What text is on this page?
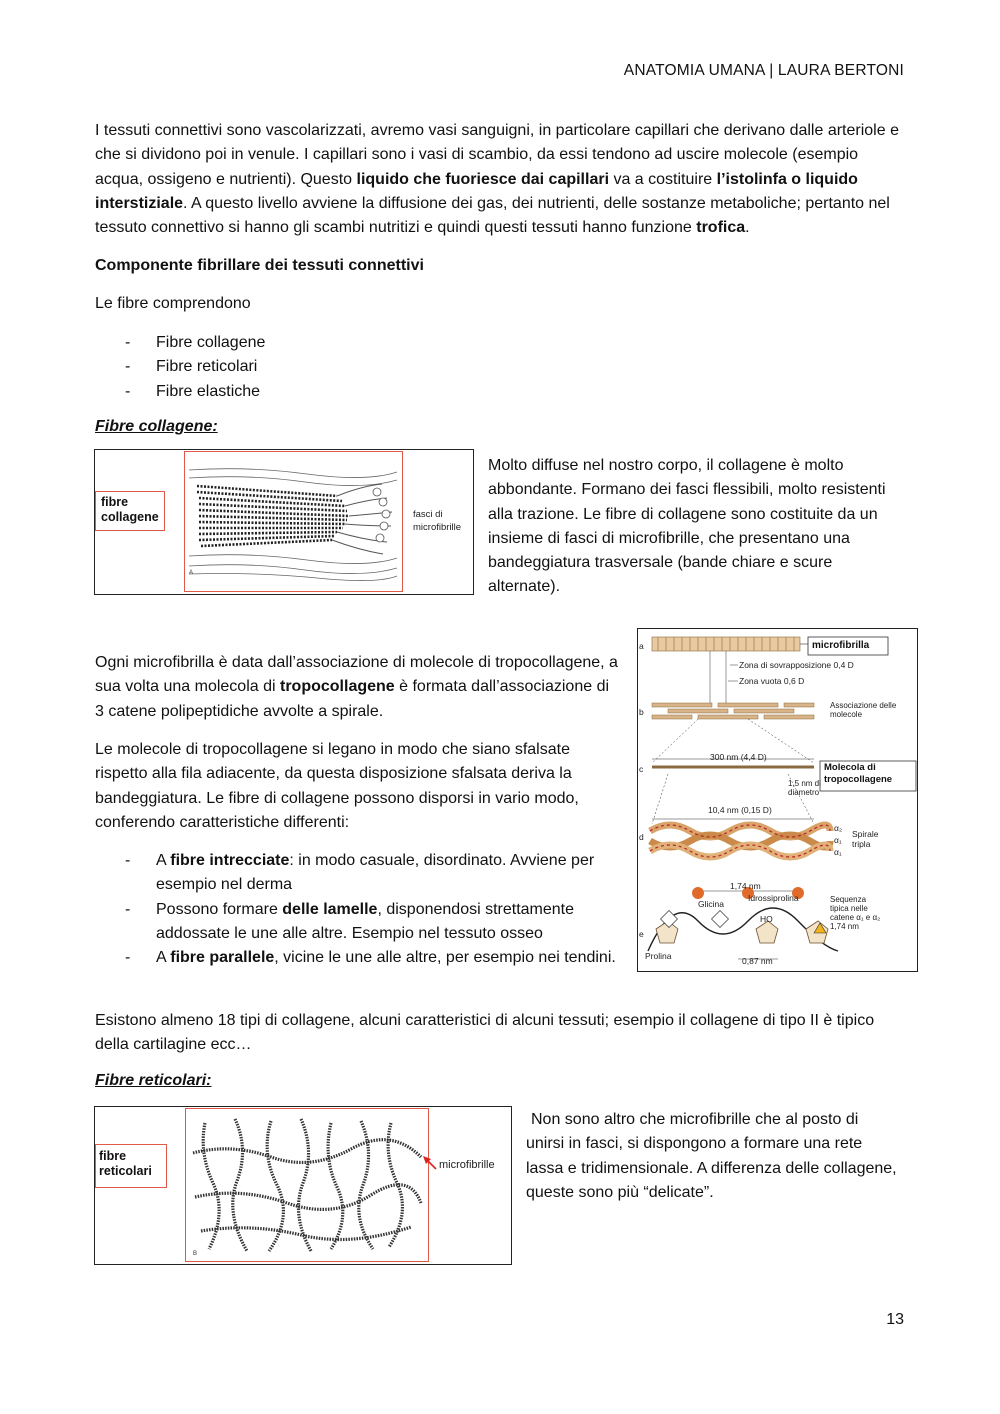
ANATOMIA UMANA | LAURA BERTONI

I tessuti connettivi sono vascolarizzati, avremo vasi sanguigni, in particolare capillari che derivano dalle arteriole e che si dividono poi in venule. I capillari sono i vasi di scambio, da essi tendono ad uscire molecole (esempio acqua, ossigeno e nutrienti). Questo liquido che fuoriesce dai capillari va a costituire l’istolinfa o liquido interstiziale. A questo livello avviene la diffusione dei gas, dei nutrienti, delle sostanze metaboliche; pertanto nel tessuto connettivo si hanno gli scambi nutritizi e quindi questi tessuti hanno funzione trofica.

Componente fibrillare dei tessuti connettivi
Le fibre comprendono
- Fibre collagene
- Fibre reticolari
- Fibre elastiche
Fibre collagene:
fibre collagene
A
fasci di microfibrille

Molto diffuse nel nostro corpo, il collagene è molto abbondante. Formano dei fasci flessibili, molto resistenti alla trazione. Le fibre di collagene sono costituite da un insieme di fasci di microfibrille, che presentano una bandeggiatura trasversale (bande chiare e scure alternate).

Ogni microfibrilla è data dall’associazione di molecole di tropocollagene, a sua volta una molecola di tropocollagene è formata dall’associazione di 3 catene polipeptidiche avvolte a spirale.

Le molecole di tropocollagene si legano in modo che siano sfalsate rispetto alla fila adiacente, da questa disposizione sfalsata deriva la bandeggiatura. Le fibre di collagene possono disporsi in vario modo, conferendo caratteristiche differenti:

- A fibre intrecciate: in modo casuale, disordinato. Avviene per esempio nel derma
- Possono formare delle lamelle, disponendosi strettamente addossate le une alle altre. Esempio nel tessuto osseo
- A fibre parallele, vicine le une alle altre, per esempio nei tendini.
a
b
c
d
e
microfibrilla
Zona di sovrapposizione 0,4 D
Zona vuota 0,6 D
Associazione delle molecole
300 nm (4,4 D)
Molecola di
tropocollagene
1,5 nm di
diametro
10,4 nm (0,15 D)
α₂
α₁
α₁
Spirale
tripla
1,74 nm
Glicina
Idrossiprolina
HO
Sequenza
tipica nelle
catene α₁ e α₂
1,74 nm
Prolina	0,87 nm

Esistono almeno 18 tipi di collagene, alcuni caratteristici di alcuni tessuti; esempio il collagene di tipo II è tipico della cartilagine ecc…

Fibre reticolari:
fibre reticolari
B
microfibrille

Non sono altro che microfibrille che al posto di unirsi in fasci, si dispongono a formare una rete lassa e tridimensionale. A differenza delle collagene, queste sono più “delicate”.

13
